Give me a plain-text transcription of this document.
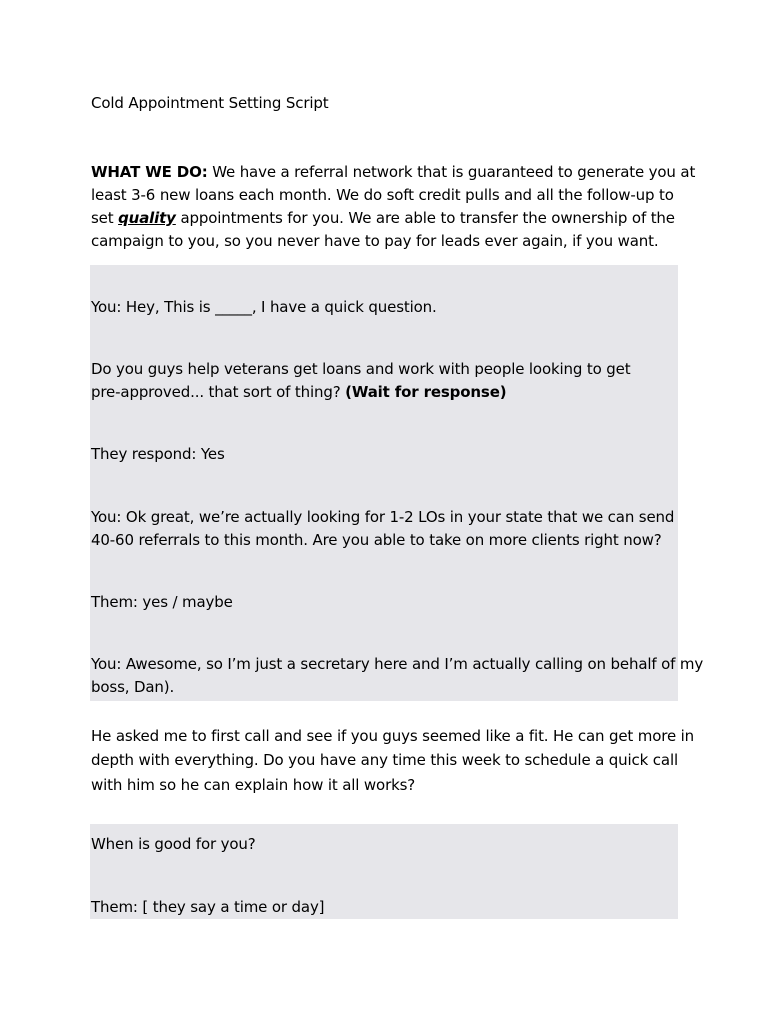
Cold Appointment Setting Script
WHAT WE DO: We have a referral network that is guaranteed to generate you at
least 3-6 new loans each month. We do soft credit pulls and all the follow-up to
set quality appointments for you. We are able to transfer the ownership of the
campaign to you, so you never have to pay for leads ever again, if you want.
You: Hey, This is _____, I have a quick question.
Do you guys help veterans get loans and work with people looking to get
pre-approved... that sort of thing? (Wait for response)
They respond: Yes
You: Ok great, we’re actually looking for 1-2 LOs in your state that we can send
40-60 referrals to this month. Are you able to take on more clients right now?
Them: yes / maybe
You: Awesome, so I’m just a secretary here and I’m actually calling on behalf of my
boss, Dan).
He asked me to first call and see if you guys seemed like a fit. He can get more in
depth with everything. Do you have any time this week to schedule a quick call
with him so he can explain how it all works?
When is good for you?
Them: [ they say a time or day]
